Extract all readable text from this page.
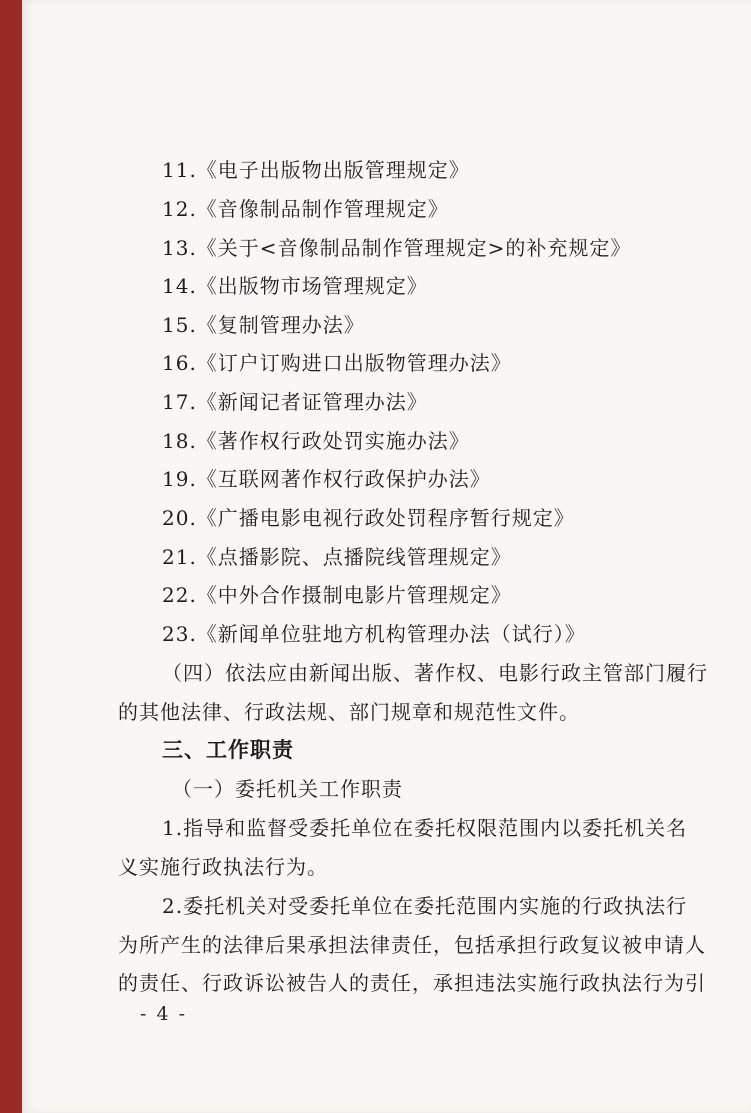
11.《电子出版物出版管理规定》
12.《音像制品制作管理规定》
13.《关于<音像制品制作管理规定>的补充规定》
14.《出版物市场管理规定》
15.《复制管理办法》
16.《订户订购进口出版物管理办法》
17.《新闻记者证管理办法》
18.《著作权行政处罚实施办法》
19.《互联网著作权行政保护办法》
20.《广播电影电视行政处罚程序暂行规定》
21.《点播影院、点播院线管理规定》
22.《中外合作摄制电影片管理规定》
23.《新闻单位驻地方机构管理办法（试行）》
（四）依法应由新闻出版、著作权、电影行政主管部门履行
的其他法律、行政法规、部门规章和规范性文件。
三、工作职责
（一）委托机关工作职责
1.指导和监督受委托单位在委托权限范围内以委托机关名
义实施行政执法行为。
2.委托机关对受委托单位在委托范围内实施的行政执法行
为所产生的法律后果承担法律责任，包括承担行政复议被申请人
的责任、行政诉讼被告人的责任，承担违法实施行政执法行为引
- 4 -
